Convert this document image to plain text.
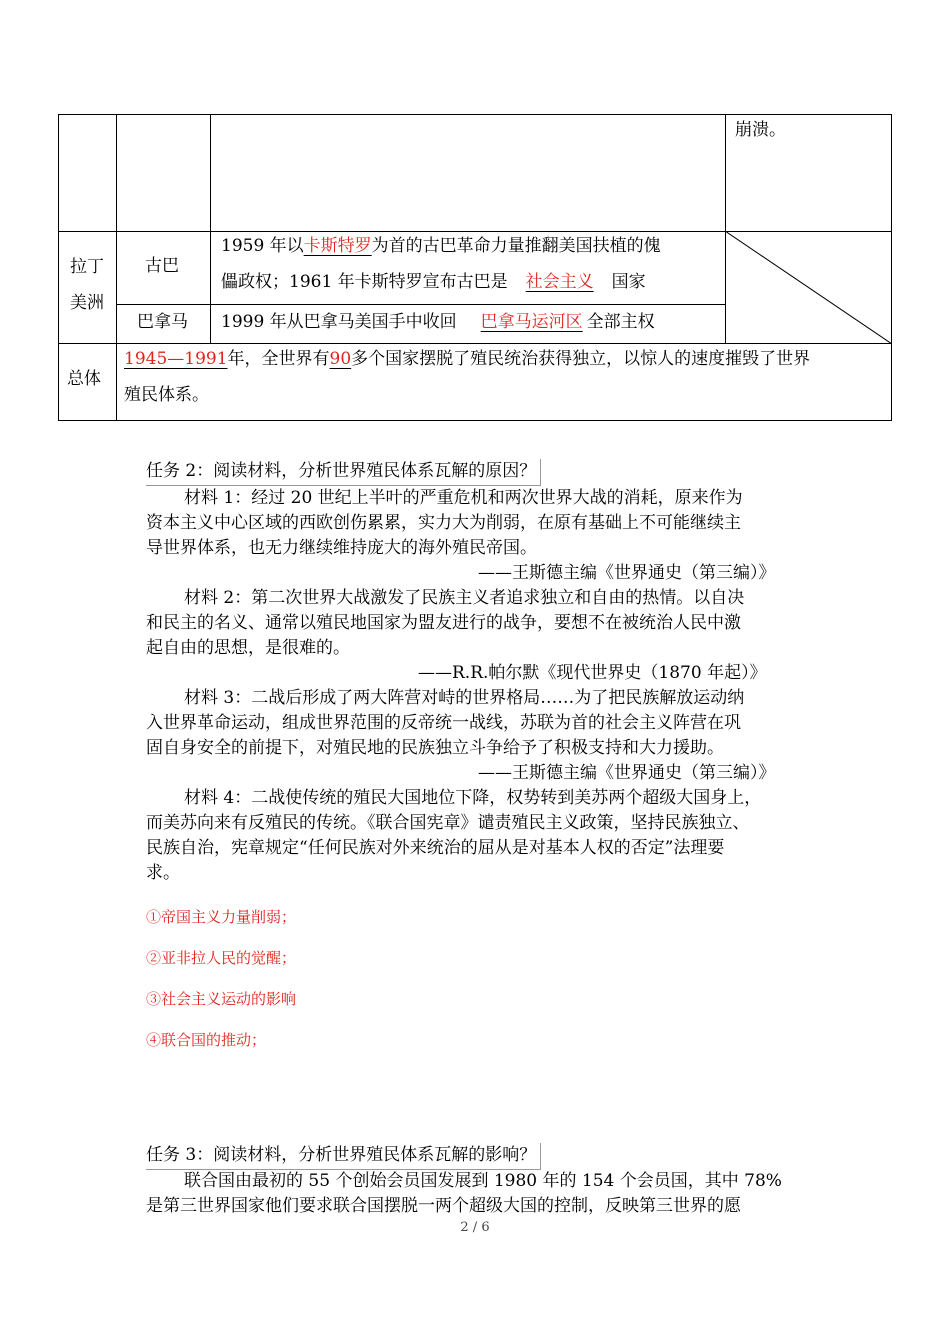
崩溃。
拉丁
美洲
古巴
1959 年以卡斯特罗为首的古巴革命力量推翻美国扶植的傀
儡政权；1961 年卡斯特罗宣布古巴是 社会主义 国家
巴拿马 1999 年从巴拿马美国手中收回 巴拿马运河区 全部主权
总体
1945—1991年，全世界有90多个国家摆脱了殖民统治获得独立，以惊人的速度摧毁了世界
殖民体系。
任务 2：阅读材料，分析世界殖民体系瓦解的原因？
材料 1：经过 20 世纪上半叶的严重危机和两次世界大战的消耗，原来作为
资本主义中心区域的西欧创伤累累，实力大为削弱，在原有基础上不可能继续主
导世界体系，也无力继续维持庞大的海外殖民帝国。
——王斯德主编《世界通史（第三编）》
材料 2：第二次世界大战激发了民族主义者追求独立和自由的热情。以自决
和民主的名义、通常以殖民地国家为盟友进行的战争，要想不在被统治人民中激
起自由的思想，是很难的。
——R.R.帕尔默《现代世界史（1870 年起）》
材料 3：二战后形成了两大阵营对峙的世界格局……为了把民族解放运动纳
入世界革命运动，组成世界范围的反帝统一战线，苏联为首的社会主义阵营在巩
固自身安全的前提下，对殖民地的民族独立斗争给予了积极支持和大力援助。
——王斯德主编《世界通史（第三编）》
材料 4：二战使传统的殖民大国地位下降，权势转到美苏两个超级大国身上，
而美苏向来有反殖民的传统。《联合国宪章》谴责殖民主义政策，坚持民族独立、
民族自治，宪章规定“任何民族对外来统治的屈从是对基本人权的否定”法理要
求。
①帝国主义力量削弱；
②亚非拉人民的觉醒；
③社会主义运动的影响
④联合国的推动；
任务 3：阅读材料，分析世界殖民体系瓦解的影响？
联合国由最初的 55 个创始会员国发展到 1980 年的 154 个会员国，其中 78%
是第三世界国家他们要求联合国摆脱一两个超级大国的控制，反映第三世界的愿
2 / 6
